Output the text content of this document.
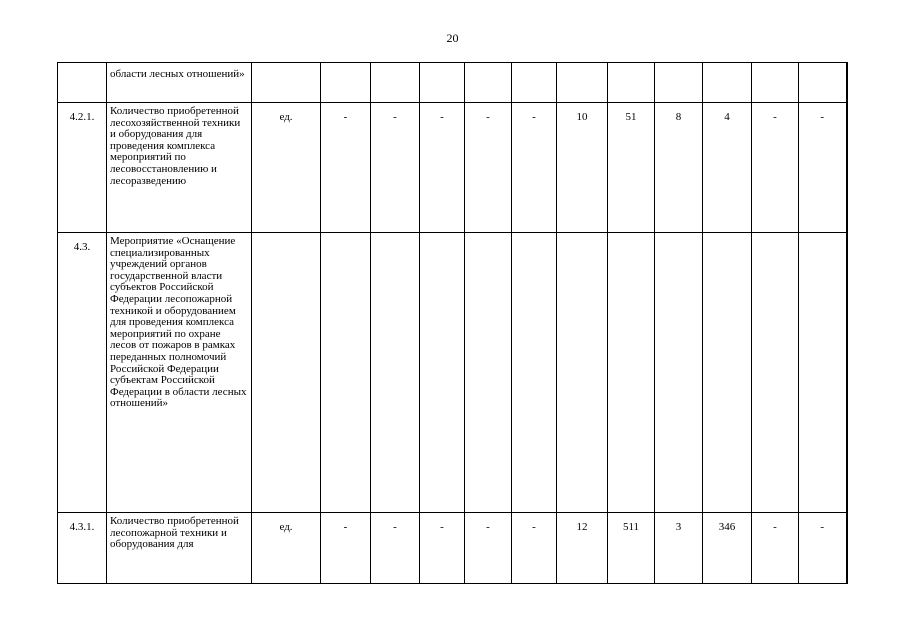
20
	области лесных отношений»												
4.2.1.	Количество приобретенной лесохозяйственной техники и оборудования для проведения комплекса мероприятий по лесовосстановлению и лесоразведению	ед.	-	-	-	-	-	10	51	8	4	-	-
4.3.	Мероприятие «Оснащение специализированных учреждений органов государственной власти субъектов Российской Федерации лесопожарной техникой и оборудованием для проведения комплекса мероприятий по охране лесов от пожаров в рамках переданных полномочий Российской Федерации субъектам Российской Федерации в области лесных отношений»												
4.3.1.	Количество приобретенной лесопожарной техники и оборудования для	ед.	-	-	-	-	-	12	511	3	346	-	-
